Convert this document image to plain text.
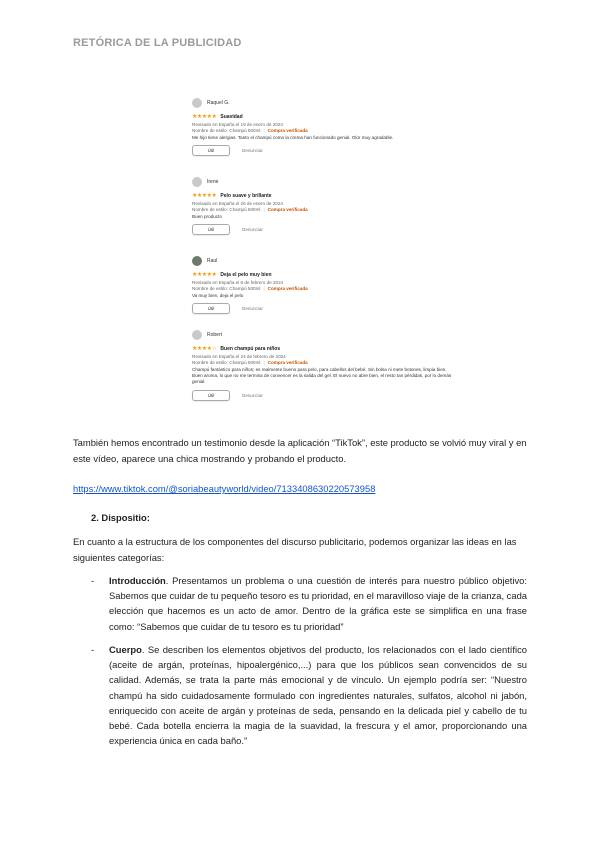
RETÓRICA DE LA PUBLICIDAD
Raquel G.
★★★★★ Suavidad
Revisado en España el 19 de enero de 2024
Nombre de estilo: Champú 500ml | Compra verificada
Me hijo tiene alergias. Tanto el champú como la crema han funcionado genial. Olor muy agradable.
Útil	Denunciar
Irene
★★★★★ Pelo suave y brillante
Revisado en España el 26 de enero de 2024
Nombre de estilo: Champú 500ml | Compra verificada
Buen producto
Útil	Denunciar
Raul
★★★★★ Deja el pelo muy bien
Revisado en España el 8 de febrero de 2024
Nombre de estilo: Champú 500ml | Compra verificada
Va muy bien, deja el pelo
Útil	Denunciar
Robert
★★★★☆ Buen champú para niños
Revisado en España el 24 de febrero de 2024
Nombre de estilo: Champú 500ml | Compra verificada
Champú fantástico para niños; es realmente bueno para pelo, para cabellos del bebé. Sin bolsa ni mete botones, limpia bien. Buen aroma, lo que no me termina de convencer es la salida del gel. El nuevo no abre bien, el resto tan pérdidas, por lo demás genial.
Útil	Denunciar

También hemos encontrado un testimonio desde la aplicación “TikTok”, este producto se volvió muy viral y en este vídeo, aparece una chica mostrando y probando el producto.

https://www.tiktok.com/@soriabeautyworld/video/7133408630220573958

2. Dispositio:

En cuanto a la estructura de los componentes del discurso publicitario, podemos organizar las ideas en las siguientes categorías:

- Introducción. Presentamos un problema o una cuestión de interés para nuestro público objetivo: Sabemos que cuidar de tu pequeño tesoro es tu prioridad, en el maravilloso viaje de la crianza, cada elección que hacemos es un acto de amor. Dentro de la gráfica este se simplifica en una frase como: “Sabemos que cuidar de tu tesoro es tu prioridad”
- Cuerpo. Se describen los elementos objetivos del producto, los relacionados con el lado científico (aceite de argán, proteínas, hipoalergénico,...) para que los públicos sean convencidos de su calidad. Además, se trata la parte más emocional y de vínculo. Un ejemplo podría ser: “Nuestro champú ha sido cuidadosamente formulado con ingredientes naturales, sulfatos, alcohol ni jabón, enriquecido con aceite de argán y proteínas de seda, pensando en la delicada piel y cabello de tu bebé. Cada botella encierra la magia de la suavidad, la frescura y el amor, proporcionando una experiencia única en cada baño.”
